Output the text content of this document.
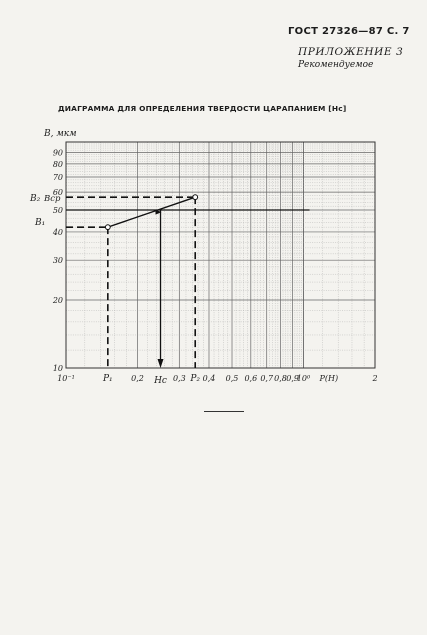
ГОСТ 27326—87 С. 7
ПРИЛОЖЕНИЕ 3
Рекомендуемое
ДИАГРАММА ДЛЯ ОПРЕДЕЛЕНИЯ ТВЕРДОСТИ ЦАРАПАНИЕМ [Hc]
10
20
30
40
50
60
70
80
90
B, мкм
10⁻¹	0,2	0,3 0,4 0,5 0,6 0,7 0,8 0,9
10⁰	2
P(H)
B₁
B₂ Bср
P₁	P₂
Hc
